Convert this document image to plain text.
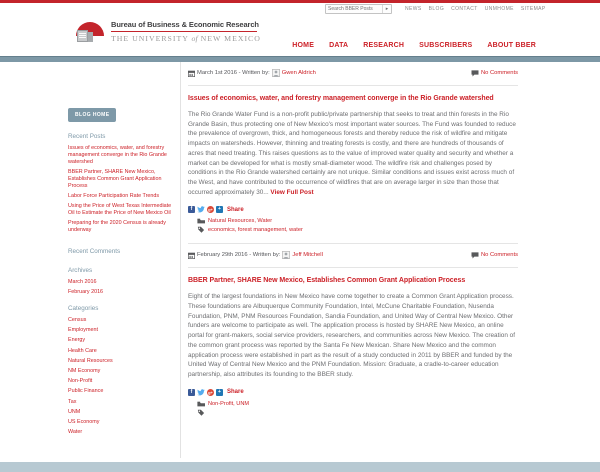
Search BBER Posts
▸	NEWS BLOG CONTACT UNMHOME SITEMAP
Bureau of Business & Economic Research
THE UNIVERSITY of NEW MEXICO
HOME DATA RESEARCH SUBSCRIBERS ABOUT BBER
BLOG HOME
Recent Posts
Issues of economics, water, and forestry management converge in the Rio Grande watershed
BBER Partner, SHARE New Mexico, Establishes Common Grant Application Process
Labor Force Participation Rate Trends
Using the Price of West Texas Intermediate Oil to Estimate the Price of New Mexico Oil
Preparing for the 2020 Census is already underway
Recent Comments
Archives
March 2016
February 2016
Categories
Census
Employment
Energy
Health Care
Natural Resources
NM Economy
Non-Profit
Public Finance
Tax
UNM
US Economy
Water
March 1st 2016 - Written by: Gwen Aldrich	No Comments
Issues of economics, water, and forestry management converge in the Rio Grande watershed

The Rio Grande Water Fund is a non-profit public/private partnership that seeks to treat and thin forests in the Rio Grande Basin, thus protecting one of New Mexico's most important water sources. The Fund was founded to reduce the prevalence of overgrown, thick, and homogeneous forests and thereby reduce the risk of wildfire and mitigate impacts on watersheds. However, thinning and treating forests is costly, and there are hundreds of thousands of acres that need treating. This raises questions as to the value of improved water quality and security and whether a market can be developed for what is mostly small-diameter wood. The wildfire risk and challenges posed by conditions in the Rio Grande watershed certainly are not unique. Similar conditions and issues exist across much of the West, and have contributed to the occurrence of wildfires that are on average larger in size than those that occurred approximately 30... View Full Post

f	g+	+	Share
Natural Resources, Water
economics, forest management, water
February 29th 2016 - Written by: Jeff Mitchell	No Comments
BBER Partner, SHARE New Mexico, Establishes Common Grant Application Process

Eight of the largest foundations in New Mexico have come together to create a Common Grant Application process. These foundations are Albuquerque Community Foundation, Intel, McCune Charitable Foundation, Nusenda Foundation, PNM, PNM Resources Foundation, Sandia Foundation, and United Way of Central New Mexico. Other funders are welcome to participate as well. The application process is hosted by SHARE New Mexico, an online portal for grant-makers, social service providers, researchers, and communities across New Mexico. The creation of the common grant process was reported by the Santa Fe New Mexican. Share New Mexico and the common application process were established in part as the result of a study conducted in 2011 by BBER and funded by the United Way of Central New Mexico and the PNM Foundation. Mission: Graduate, a cradle-to-career education partnership, also attributes its founding to the BBER study.

f	g+	+	Share
Non-Profit, UNM
